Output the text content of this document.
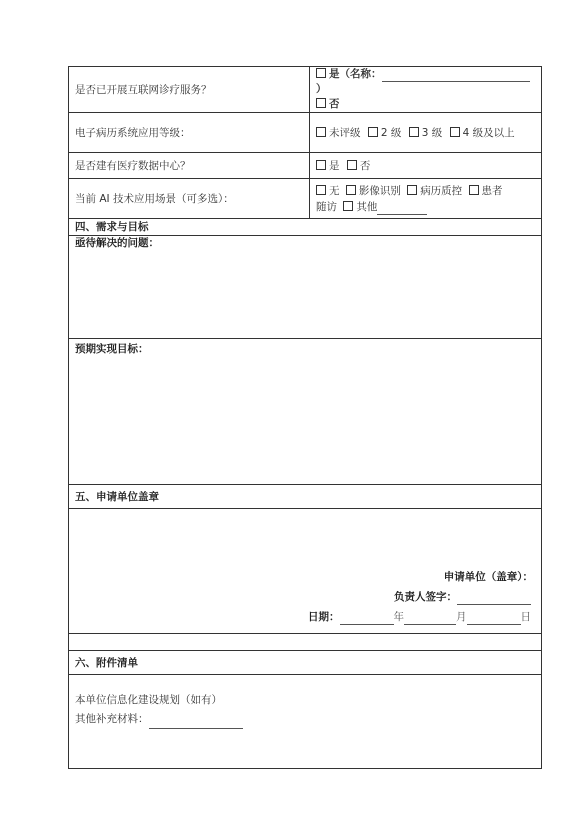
是否已开展互联网诊疗服务？	是（名称：）
否

电子病历系统应用等级：	未评级 2 级 3 级 4 级及以上
是否建有医疗数据中心？	是 否
当前 AI 技术应用场景（可多选）：	无 影像识别 病历质控 患者
随访 其他

四、需求与目标	

亟待解决的问题：	

预期实现目标：	

五、申请单位盖章	

申请单位（盖章）：
负责人签字：
日期： 年 月 日	

六、附件清单	

本单位信息化建设规划（如有）
其他补充材料：	
